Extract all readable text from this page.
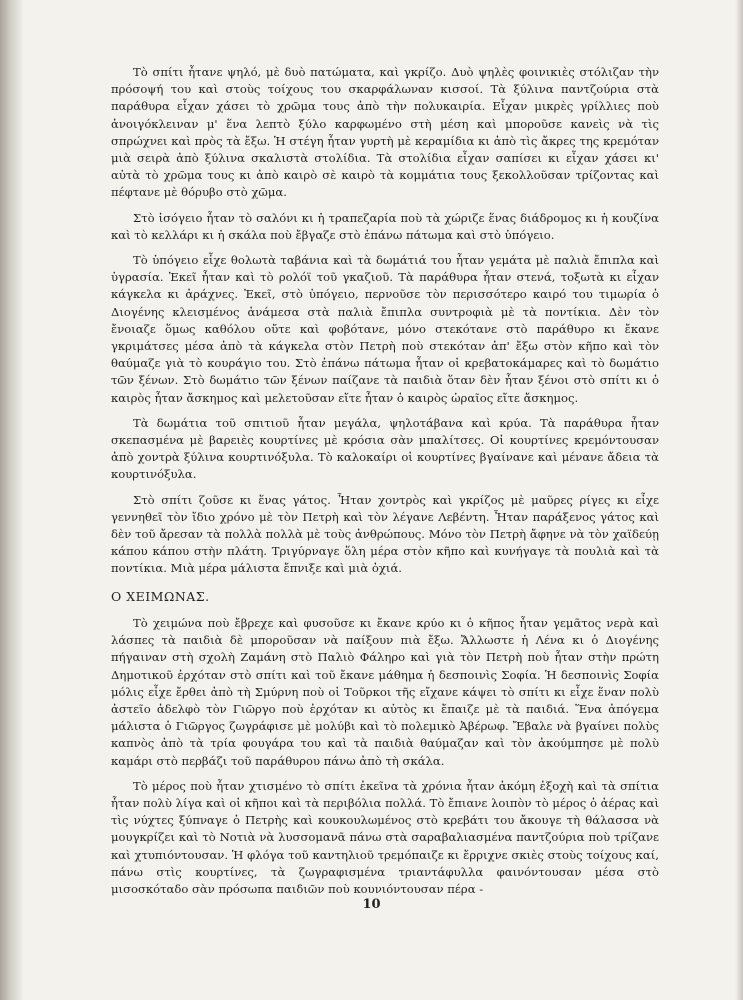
Τὸ σπίτι ἦτανε ψηλό, μὲ δυὸ πατώματα, καὶ γκρίζο. Δυὸ ψηλὲς φοινικιὲς στόλιζαν τὴν πρόσοψή του καὶ στοὺς τοίχους του σκαρφάλωναν κισσοί. Τὰ ξύλινα παντζούρια στὰ παράθυρα εἶχαν χάσει τὸ χρῶμα τους ἀπὸ τὴν πολυκαιρία. Εἶχαν μικρὲς γρίλλιες ποὺ ἀνοιγόκλειναν μ' ἕνα λεπτὸ ξύλο καρφωμένο στὴ μέση καὶ μποροῦσε κανεὶς νὰ τὶς σπρώχνει καὶ πρὸς τὰ ἔξω. Ἡ στέγη ἦταν γυρτὴ μὲ κεραμίδια κι ἀπὸ τὶς ἄκρες της κρεμόταν μιὰ σειρὰ ἀπὸ ξύλινα σκαλιστὰ στολίδια. Τὰ στολίδια εἶχαν σαπίσει κι εἶχαν χάσει κι' αὐτὰ τὸ χρῶμα τους κι ἀπὸ καιρὸ σὲ καιρὸ τὰ κομμάτια τους ξεκολλοῦσαν τρίζοντας καὶ πέφτανε μὲ θόρυβο στὸ χῶμα.

Στὸ ἰσόγειο ἦταν τὸ σαλόνι κι ἡ τραπεζαρία ποὺ τὰ χώριζε ἕνας διάδρομος κι ἡ κουζίνα καὶ τὸ κελλάρι κι ἡ σκάλα ποὺ ἔβγαζε στὸ ἐπάνω πάτωμα καὶ στὸ ὑπόγειο.

Τὸ ὑπόγειο εἶχε θολωτὰ ταβάνια καὶ τὰ δωμάτιά του ἦταν γεμάτα μὲ παλιὰ ἔπιπλα καὶ ὑγρασία. Ἐκεῖ ἦταν καὶ τὸ ρολόϊ τοῦ γκαζιοῦ. Τὰ παράθυρα ἦταν στενά, τοξωτὰ κι εἶχαν κάγκελα κι ἀράχνες. Ἐκεῖ, στὸ ὑπόγειο, περνοῦσε τὸν περισσότερο καιρό του τιμωρία ὁ Διογένης κλεισμένος ἀνάμεσα στὰ παλιὰ ἔπιπλα συντροφιὰ μὲ τὰ ποντίκια. Δὲν τὸν ἔνοιαζε ὅμως καθόλου οὔτε καὶ φοβότανε, μόνο στεκότανε στὸ παράθυρο κι ἔκανε γκριμάτσες μέσα ἀπὸ τὰ κάγκελα στὸν Πετρὴ ποὺ στεκόταν ἀπ' ἔξω στὸν κῆπο καὶ τὸν θαύμαζε γιὰ τὸ κουράγιο του. Στὸ ἐπάνω πάτωμα ἦταν οἱ κρεβατοκάμαρες καὶ τὸ δωμάτιο τῶν ξένων. Στὸ δωμάτιο τῶν ξένων παίζανε τὰ παιδιὰ ὅταν δὲν ἦταν ξένοι στὸ σπίτι κι ὁ καιρὸς ἦταν ἄσκημος καὶ μελετοῦσαν εἴτε ἦταν ὁ καιρὸς ὡραῖος εἴτε ἄσκημος.

Τὰ δωμάτια τοῦ σπιτιοῦ ἦταν μεγάλα, ψηλοτάβανα καὶ κρύα. Τὰ παράθυρα ἦταν σκεπασμένα μὲ βαρειὲς κουρτίνες μὲ κρόσια σὰν μπαλίτσες. Οἱ κουρτίνες κρεμόντουσαν ἀπὸ χοντρὰ ξύλινα κουρτινόξυλα. Τὸ καλοκαίρι οἱ κουρτίνες βγαίνανε καὶ μένανε ἄδεια τὰ κουρτινόξυλα.

Στὸ σπίτι ζοῦσε κι ἕνας γάτος. Ἦταν χοντρὸς καὶ γκρίζος μὲ μαῦρες ρίγες κι εἶχε γεννηθεῖ τὸν ἴδιο χρόνο μὲ τὸν Πετρὴ καὶ τὸν λέγανε Λεβέντη. Ἦταν παράξενος γάτος καὶ δὲν τοῦ ἄρεσαν τὰ πολλὰ πολλὰ μὲ τοὺς ἀνθρώπους. Μόνο τὸν Πετρὴ ἄφηνε νὰ τὸν χαϊδεύῃ κάπου κάπου στὴν πλάτη. Τριγύρναγε ὅλη μέρα στὸν κῆπο καὶ κυνήγαγε τὰ πουλιὰ καὶ τὰ ποντίκια. Μιὰ μέρα μάλιστα ἔπνιξε καὶ μιὰ ὀχιά.

Ο ΧΕΙΜΩΝΑΣ.

Τὸ χειμώνα ποὺ ἔβρεχε καὶ φυσοῦσε κι ἔκανε κρύο κι ὁ κῆπος ἦταν γεμᾶτος νερὰ καὶ λάσπες τὰ παιδιὰ δὲ μποροῦσαν νὰ παίξουν πιὰ ἔξω. Ἄλλωστε ἡ Λένα κι ὁ Διογένης πήγαιναν στὴ σχολὴ Ζαμάνη στὸ Παλιὸ Φάληρο καὶ γιὰ τὸν Πετρὴ ποὺ ἦταν στὴν πρώτη Δημοτικοῦ ἐρχόταν στὸ σπίτι καὶ τοῦ ἔκανε μάθημα ἡ δεσποινὶς Σοφία. Ἡ δεσποινὶς Σοφία μόλις εἶχε ἔρθει ἀπὸ τὴ Σμύρνη ποὺ οἱ Τοῦρκοι τῆς εἴχανε κάψει τὸ σπίτι κι εἶχε ἕναν πολὺ ἀστεῖο ἀδελφὸ τὸν Γιῶργο ποὺ ἐρχόταν κι αὐτὸς κι ἔπαιζε μὲ τὰ παιδιά. Ἕνα ἀπόγεμα μάλιστα ὁ Γιῶργος ζωγράφισε μὲ μολύβι καὶ τὸ πολεμικὸ Ἀβέρωφ. Ἔβαλε νὰ βγαίνει πολὺς καπνὸς ἀπὸ τὰ τρία φουγάρα του καὶ τὰ παιδιὰ θαύμαζαν καὶ τὸν ἀκούμπησε μὲ πολὺ καμάρι στὸ περβάζι τοῦ παράθυρου πάνω ἀπὸ τὴ σκάλα.

Τὸ μέρος ποὺ ἦταν χτισμένο τὸ σπίτι ἐκεῖνα τὰ χρόνια ἦταν ἀκόμη ἐξοχὴ καὶ τὰ σπίτια ἦταν πολὺ λίγα καὶ οἱ κῆποι καὶ τὰ περιβόλια πολλά. Τὸ ἔπιανε λοιπὸν τὸ μέρος ὁ ἀέρας καὶ τὶς νύχτες ξύπναγε ὁ Πετρὴς καὶ κουκουλωμένος στὸ κρεβάτι του ἄκουγε τὴ θάλασσα νὰ μουγκρίζει καὶ τὸ Νοτιὰ νὰ λυσσομανᾶ πάνω στὰ σαραβαλιασμένα παντζούρια ποὺ τρίζανε καὶ χτυπιόντουσαν. Ἡ φλόγα τοῦ καντηλιοῦ τρεμόπαιζε κι ἔρριχνε σκιὲς στοὺς τοίχους καί, πάνω στὶς κουρτίνες, τὰ ζωγραφισμένα τριαντάφυλλα φαινόντουσαν μέσα στὸ μισοσκόταδο σὰν πρόσωπα παιδιῶν ποὺ κουνιόντουσαν πέρα -

10
